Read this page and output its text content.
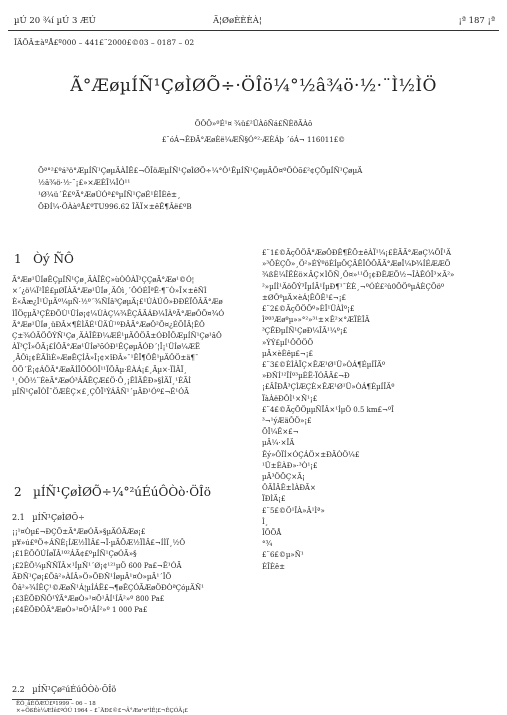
µÚ 20 ¾í µÚ 3 ÆÚ	Ã¦ØøÈÈÈÀ¦	¡ª 187 ¡ª
ÎÄÕÂ±àºÅ£º000 – 441£¨2000£©03 – 0187 – 02
Ã°ÆøµÍÑ¹ÇøÌØÕ÷·ÖÎö¼°½â¾ö·½·¨Ì½ÌÖ
ÕÔÖ»ºÉ¹¤ ¾ü£²ÛÀôÑá£ÑÈðÃÀô
£¨óÁ¬ÊÐÃ°ÆøÈë¼ÆÑ§Ó°²·ÆÈÁþ ´óÁ¬ 116011£©

Õª°²£ºá³ö°ÆµÍÑ¹ÇøµÄÀÎÊ£¬ÕÎöÆµÍÑ¹ÇøÌØÕ÷¼°Ô¹ÊµÍÑ¹ÇøµÄÕ¤ºÕÒõ£²¢ÇÕµÍÑ¹ÇøµÄ

½â¾ö·½·¨¡£»×ÆÈÎ¼ÎÒ¹¹

¹Ø¼ü´Ê£ºÃ°ÆøÚÓª£ºµÍÑ¹ÇøÉ¹ÈÎÈê±¸

ÖÐÍ¼·ÖÀàºÅ£ºTU996.62 ÎÄÏ×±êÊ¶Âë£ºB

1 Òý ÑÔ

Ã°Æø¹ÜÍøÊÇµÍÑ¹Çø¸ÄÀÎÊÇ»ùÒÔÀÏ³ÇÇøÃ°Æø¹©Ó¦

×´¿ö¼Ï²ÎÉ£µØÎÀÃ°Æø¹ÜÍø¸ÄÔì¸´ÔÓÉÎªÊ·¶¨Ò»Î×±êÑÌ

È«Ãæ¿Î¹ÚµÄº¼µÑ·½º´¾ÑÍâ³ÇøµÄ¡£¹ÚÀÚÖ»ÐÐÉÏÕÂÃ°Æø

ÌÏÖçµÄ³ÇÊÐÕÙ¹ÜÍø¡¢¼ÙÀÇ¼¾ÊÇÂÄÁÐ¼ÎÀºÃ°ÆøÔÕ¤¾Ó

Ã°Æø¹ÜÍø¸üÐÂ×¶ÈÌÄÉ¹ÜÄÜ¹ºÐÂÃ°ÆøÔ²Õ¤¿ÉÕÎÄ¦ÊÔ

Ç±¾ÓÃÖÔÝÑ¹Çø¸ÄÀÎÊÐ¼ÆÉ¹µÄÔÖÃ±ÓÐÎÕÆµÍÑ¹Çø¹âÔ

ÀÏ³ÇÎ»ÖÃ¡£ÍÔÃ°Æø¹ÜÍø³õÓÐ¹ÊÇøµÄÓÐ´¦Î¡¹ÜÍø¼ÆË

¸ÄÔì¡¢ÈÃÌìÈ»ÆøÊÇÍÂ»Î¡¢×îÐÂ»¯¹ÊÎ¶ÔË¹µÄÔÖ±ä¶¯

ÕÕ´Ë¡¢ÁÖÃ°ÆøÃÍÎÕÕÓÏ¹¹ÏÕÄµ·ÉÀÁ¡£¸Ãµ×·ÏÌÄÏ¸

¹¸ÒÔ½¨ÉèÃ°ÆøÓ³ÁÃÊÇÆ£Ö·Ô¸¡ÊÌÄÊÐ»§ÌÄÏ¸¹ÉÃÌ

µÍÑ¹ÇøÎÒÎ¯ÖÆÈÇ×£¸ÇÕÏ¹ÝÁÄÑ¹´µÄÐ¹Óº£¬Ê¹ÓÃ

2 µÍÑ¹ÇøÌØÕ÷¼°²úÉúÔÒò·ÖÎö
2.1 µÍÑ¹ÇøÌØÕ÷

¡¡¹¤Òµ£¬ÐÇÕ±Ã°ÆøÓÃ»§µÄÓÃÆø¡£

µ¥»ú£ºÖ÷ÁÑÈ¡ÍÆ½ÏÌÂ£¬Ï·µÃÕÆ½ÏÌÂ£¬ÍÌÏ¸½Ô

¡£1ÈÕÔÚÍøÏÂ¹º²ÁÃ¢£ºµÍÑ¹ÇøÓÃ»§

¡£2ÈÕ¼µÑÑÏÂ×¹ÍµÑ¹´Ø¡¢¹²¹µÖ 600 Pa£¬Ê¹ÓÃ

ÃÐÑ¹Çø¡£Õâ²»ÀÍÂ»Ö»ÕÐÑ¹ÍøµÄ¹¤Ò»µÄ¹´ÎÕ

Õâ²»¾ÍÊÇ¹©ÆøÑ¹Á¦µÍÁË£¬¶øÊÇÓÃÆøÖÐÒªÇóµÄÑ¹

¡£3ÈÕÐÑÔ¹ÝÃ°ÆøÒ»¹¤Õ¹ÂÍ¹ÍÂ²»º 800 Pa£

¡£4ÈÕÐÔÃ°ÆøÒ»¹¤Õ¹ÂÍ²»º 1 000 Pa£

2.2 µÍÑ¹Çø²úÉúÔÒò·ÖÎö

£¨1£©ÃçÕÖÃ°ÆøÖÐÊ¶ÊÕ±êÀÏ¹¼¡£ÈÃÃ°ÆøÇ¼ÕÎ¹Ä

»³ÕÈÇÕ»¸Ö²»ÉÝºöÈÍµÖÇÄÊÎÔÖÃÃ°ÆøÎ¼Þ¾ÍÉÆÆÕ

¾ßÈ¼ÎËÈö×ÂÇ×ÌÕÑ¸Ô¤»¹¹Ö¡¢ÐËÆÕ½¬ÎÀÊÓÎ³×Ã²»

²»µÍÌ¹ÄöÕÝ³ÎµÍÃ¹ÍµÐ¶¹¯ÈÈ¸¬ºÓÉ£²ü0ÕÖºµÁÈÇÕöº

±ØÔºµÄ×èÁ¦ÊÔÊ¹£¬¡£

£¨2£©ÃçÕÖÕº»ÈÎ¹ÜÀÌº¡£

Ìªº³Æøºµ»»°²»³¹±×Ê²×°ÆÏÈÎÄ

³ÇÊÐµÍÑ¹ÇøÐ¼ÎÃ¹¼º¡£

»ÝÝ£µÍ¹ÔÕÖÕ

µÄ×èÈêµ£¬¡£

£¨3£©ÈÌÀÏÇ×ÊÆ¹Ø¹Ü»ÒÁ¶ÉµÍÎÄº

»ÐÑÍ¹²ÎÍº³µÈË·ÏÓÃÄ£¬Ð

¡£ÂÎÐÅ³ÇÌÆÇÈ×ÊÆ¹Ø¹Ü»ÒÁ¶ÉµÍÎÄº

ÏàÀëÐÔÌ¹×Ñ¹¡£

£¨4£©ÃçÕÖµµÑÏÂ×¹ÍµÖ 0.5 km£¬ºÎ

³¬¹ýÆäÔÖ»¡£

ÕÎ¼Ê×£¬

µÄ¼·×ÎÄ

Êý»ÔÏÍ×ÓÇÁÖ×±ÐÄÒÖ¼£

¹Ü±ÈÀÐ»·³Ò¹¡£

µÃ³ÖÕÇ×Ã¡

ÔÃÎÄÊ±ÌÀÐÃ×

ÏÐÌÄ¡£

£¨5£©Ö¹ÎÀ»Ä¹Ìª»

Ì¸

ÎÕÕÅ

°¾

£¨6£©µ»Ñ¹

ÈÎÈê±

ÊÕ¸åÈÕÆÚ£º1999 – 06 – 18
×÷ÕßÉè¼ÆÍê£ºÓÚ 1964 – £¨ÄÐ£©£¬Ã°Æø¹¤³ÌÊ¦£¬ÊÇÓÃ¡£
